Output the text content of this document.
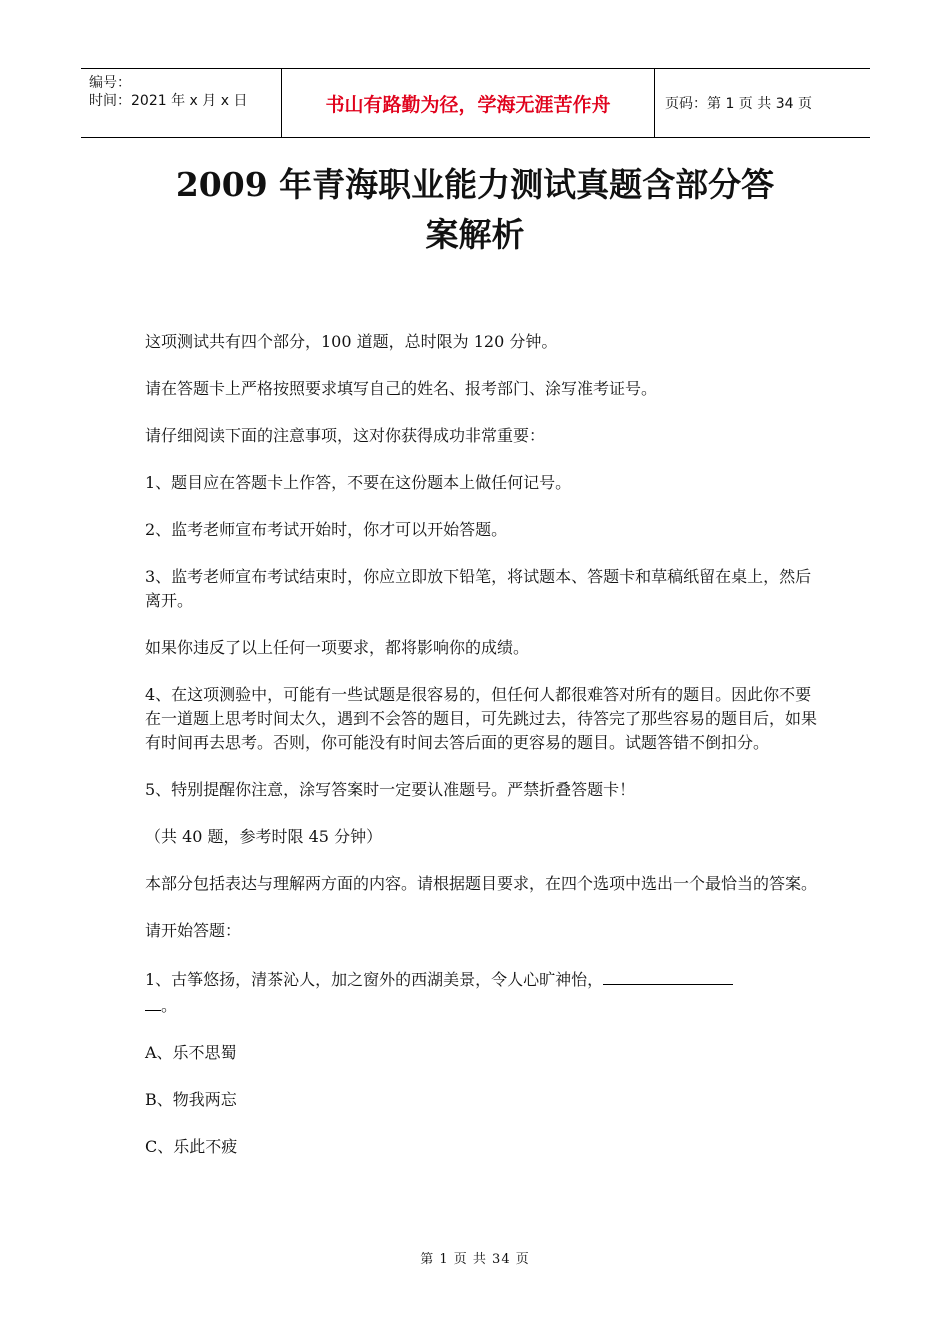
编号：
时间：2021 年 x 月 x 日	书山有路勤为径，学海无涯苦作舟	页码：第 1 页 共 34 页
2009 年青海职业能力测试真题含部分答
案解析

这项测试共有四个部分，100 道题，总时限为 120 分钟。

请在答题卡上严格按照要求填写自己的姓名、报考部门、涂写准考证号。

请仔细阅读下面的注意事项，这对你获得成功非常重要：

1、题目应在答题卡上作答，不要在这份题本上做任何记号。

2、监考老师宣布考试开始时，你才可以开始答题。

3、监考老师宣布考试结束时，你应立即放下铅笔，将试题本、答题卡和草稿纸留在桌上，然后离开。

如果你违反了以上任何一项要求，都将影响你的成绩。

4、在这项测验中，可能有一些试题是很容易的，但任何人都很难答对所有的题目。因此你不要在一道题上思考时间太久，遇到不会答的题目，可先跳过去，待答完了那些容易的题目后，如果有时间再去思考。否则，你可能没有时间去答后面的更容易的题目。试题答错不倒扣分。

5、特别提醒你注意，涂写答案时一定要认准题号。严禁折叠答题卡！

（共 40 题，参考时限 45 分钟）

本部分包括表达与理解两方面的内容。请根据题目要求，在四个选项中选出一个最恰当的答案。

请开始答题：

1、古筝悠扬，清茶沁人，加之窗外的西湖美景，令人心旷神怡，
。

A、乐不思蜀

B、物我两忘

C、乐此不疲

第 1 页 共 34 页
